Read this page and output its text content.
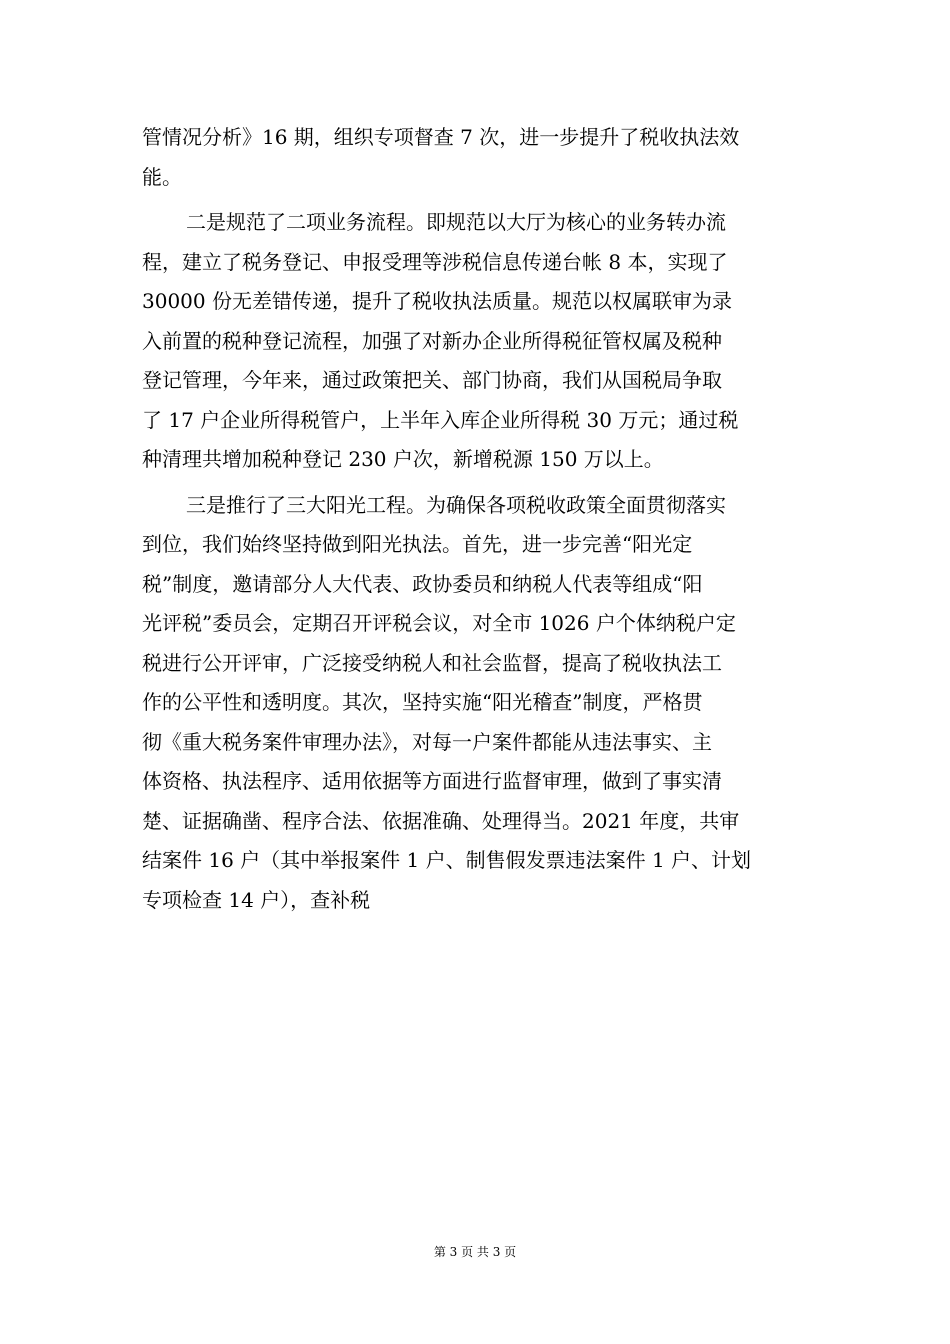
管情况分析》16 期，组织专项督查 7 次，进一步提升了税收执法效
能。
二是规范了二项业务流程。即规范以大厅为核心的业务转办流
程，建立了税务登记、申报受理等涉税信息传递台帐 8 本，实现了
30000 份无差错传递，提升了税收执法质量。规范以权属联审为录
入前置的税种登记流程，加强了对新办企业所得税征管权属及税种
登记管理，今年来，通过政策把关、部门协商，我们从国税局争取
了 17 户企业所得税管户，上半年入库企业所得税 30 万元；通过税
种清理共增加税种登记 230 户次，新增税源 150 万以上。
三是推行了三大阳光工程。为确保各项税收政策全面贯彻落实
到位，我们始终坚持做到阳光执法。首先，进一步完善“阳光定
税”制度，邀请部分人大代表、政协委员和纳税人代表等组成“阳
光评税”委员会，定期召开评税会议，对全市 1026 户个体纳税户定
税进行公开评审，广泛接受纳税人和社会监督，提高了税收执法工
作的公平性和透明度。其次，坚持实施“阳光稽查”制度，严格贯
彻《重大税务案件审理办法》，对每一户案件都能从违法事实、主
体资格、执法程序、适用依据等方面进行监督审理，做到了事实清
楚、证据确凿、程序合法、依据准确、处理得当。2021 年度，共审
结案件 16 户（其中举报案件 1 户、制售假发票违法案件 1 户、计划
专项检查 14 户），查补税
第 3 页 共 3 页
